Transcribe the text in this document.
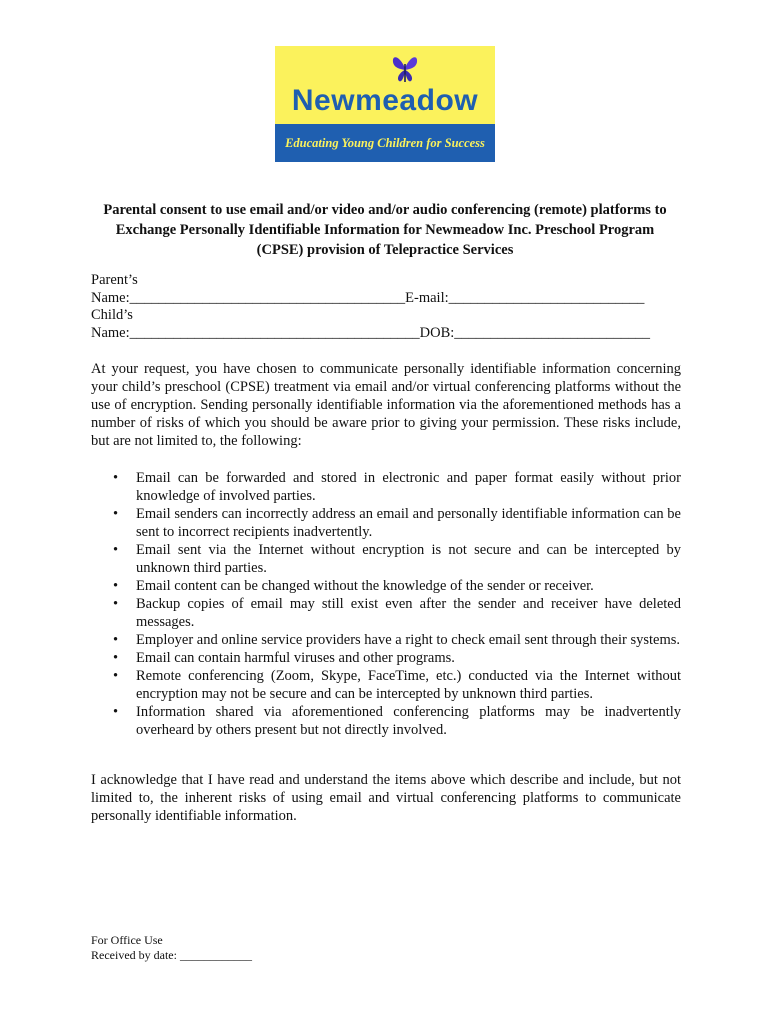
Newmeadow
Educating Young Children for Success
Parental consent to use email and/or video and/or audio conferencing (remote) platforms to
Exchange Personally Identifiable Information for Newmeadow Inc. Preschool Program
(CPSE) provision of Telepractice Services
Parent’s
Name:______________________________________E-mail:___________________________
Child’s
Name:________________________________________DOB:___________________________
At your request, you have chosen to communicate personally identifiable information concerning your child’s preschool (CPSE) treatment via email and/or virtual conferencing platforms without the use of encryption. Sending personally identifiable information via the aforementioned methods has a number of risks of which you should be aware prior to giving your permission. These risks include, but are not limited to, the following:
• Email can be forwarded and stored in electronic and paper format easily without prior knowledge of involved parties.
• Email senders can incorrectly address an email and personally identifiable information can be sent to incorrect recipients inadvertently.
• Email sent via the Internet without encryption is not secure and can be intercepted by unknown third parties.
• Email content can be changed without the knowledge of the sender or receiver.
• Backup copies of email may still exist even after the sender and receiver have deleted messages.
• Employer and online service providers have a right to check email sent through their systems.
• Email can contain harmful viruses and other programs.
• Remote conferencing (Zoom, Skype, FaceTime, etc.) conducted via the Internet without encryption may not be secure and can be intercepted by unknown third parties.
• Information shared via aforementioned conferencing platforms may be inadvertently overheard by others present but not directly involved.
I acknowledge that I have read and understand the items above which describe and include, but not limited to, the inherent risks of using email and virtual conferencing platforms to communicate personally identifiable information.
For Office Use
Received by date: ____________
